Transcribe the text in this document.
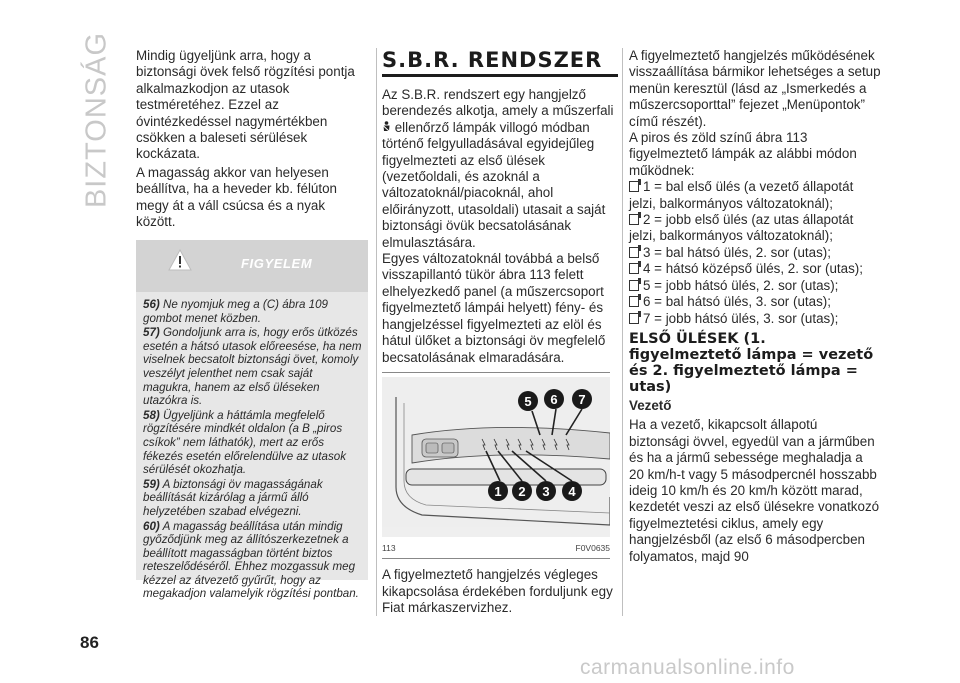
BIZTONSÁG Mindig ügyeljünk arra, hogy a biztonsági övek felső rögzítési pontja alkalmazkodjon az utasok testméretéhez. Ezzel az óvintézkedéssel nagymértékben csökken a baleseti sérülések kockázata.

A magasság akkor van helyesen beállítva, ha a heveder kb. félúton megy át a váll csúcsa és a nyak között.

FIGYELEM

56) Ne nyomjuk meg a (C) ábra 109 gombot menet közben.

57) Gondoljunk arra is, hogy erős ütközés esetén a hátsó utasok előreesése, ha nem viselnek becsatolt biztonsági övet, komoly veszélyt jelenthet nem csak saját magukra, hanem az első üléseken utazókra is.

58) Ügyeljünk a háttámla megfelelő rögzítésére mindkét oldalon (a B „piros csíkok” nem láthatók), mert az erős fékezés esetén előrelendülve az utasok sérülését okozhatja.

59) A biztonsági öv magasságának beállítását kizárólag a jármű álló helyzetében szabad elvégezni.

60) A magasság beállítása után mindig győződjünk meg az állítószerkezetnek a beállított magasságban történt biztos reteszelődéséről. Ehhez mozgassuk meg kézzel az átvezető gyűrűt, hogy az megakadjon valamelyik rögzítési pontban.

S.B.R. RENDSZER

Az S.B.R. rendszert egy hangjelző berendezés alkotja, amely a műszerfali  ellenőrző lámpák villogó módban történő felgyulladásával egyidejűleg figyelmezteti az első ülések (vezetőoldali, és azoknál a változatoknál/piacoknál, ahol előirányzott, utasoldali) utasait a saját biztonsági övük becsatolásának elmulasztására.

Egyes változatoknál továbbá a belső visszapillantó tükör ábra 113 felett elhelyezkedő panel (a műszercsoport figyelmeztető lámpái helyett) fény- és hangjelzéssel figyelmezteti az elöl és hátul ülőket a biztonsági öv megfelelő becsatolásának elmaradására.

5 6 7
1 2 3 4
113	F0V0635

A figyelmeztető hangjelzés végleges kikapcsolása érdekében forduljunk egy Fiat márkaszervizhez.

A figyelmeztető hangjelzés működésének visszaállítása bármikor lehetséges a setup menün keresztül (lásd az „Ismerkedés a műszercsoporttal” fejezet „Menüpontok” című részét).

A piros és zöld színű ábra 113 figyelmeztető lámpák az alábbi módon működnek:

1 = bal első ülés (a vezető állapotát jelzi, balkormányos változatoknál);

2 = jobb első ülés (az utas állapotát jelzi, balkormányos változatoknál);

3 = bal hátsó ülés, 2. sor (utas);

4 = hátsó középső ülés, 2. sor (utas);

5 = jobb hátsó ülés, 2. sor (utas);

6 = bal hátsó ülés, 3. sor (utas);

7 = jobb hátsó ülés, 3. sor (utas);

ELSŐ ÜLÉSEK (1. figyelmeztető lámpa = vezető és 2. figyelmeztető lámpa = utas)
Vezető

Ha a vezető, kikapcsolt állapotú biztonsági övvel, egyedül van a járműben és ha a jármű sebessége meghaladja a 20 km/h-t vagy 5 másodpercnél hosszabb ideig 10 km/h és 20 km/h között marad, kezdetét veszi az első ülésekre vonatkozó figyelmeztetési ciklus, amely egy hangjelzésből (az első 6 másodpercben folyamatos, majd 90

86
carmanualsonline.info
